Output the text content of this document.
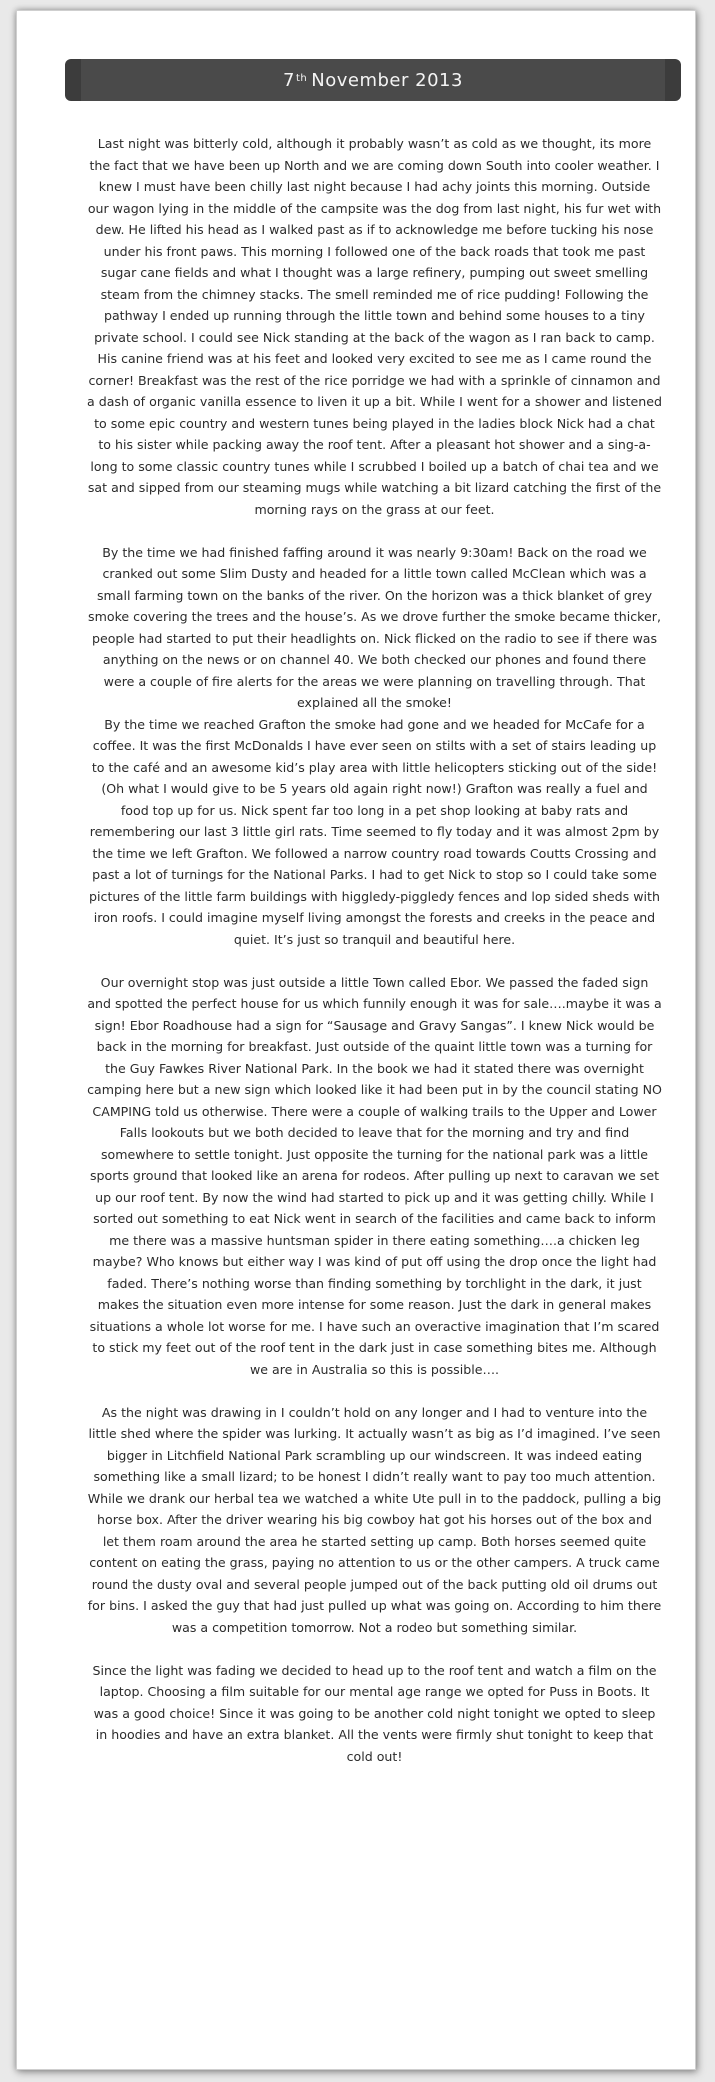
7th November 2013

Last night was bitterly cold, although it probably wasn’t as cold as we thought, its more the fact that we have been up North and we are coming down South into cooler weather. I knew I must have been chilly last night because I had achy joints this morning. Outside our wagon lying in the middle of the campsite was the dog from last night, his fur wet with dew. He lifted his head as I walked past as if to acknowledge me before tucking his nose under his front paws. This morning I followed one of the back roads that took me past sugar cane fields and what I thought was a large refinery, pumping out sweet smelling steam from the chimney stacks. The smell reminded me of rice pudding! Following the pathway I ended up running through the little town and behind some houses to a tiny private school. I could see Nick standing at the back of the wagon as I ran back to camp. His canine friend was at his feet and looked very excited to see me as I came round the corner! Breakfast was the rest of the rice porridge we had with a sprinkle of cinnamon and a dash of organic vanilla essence to liven it up a bit. While I went for a shower and listened to some epic country and western tunes being played in the ladies block Nick had a chat to his sister while packing away the roof tent. After a pleasant hot shower and a sing-a-long to some classic country tunes while I scrubbed I boiled up a batch of chai tea and we sat and sipped from our steaming mugs while watching a bit lizard catching the first of the morning rays on the grass at our feet.

By the time we had finished faffing around it was nearly 9:30am! Back on the road we cranked out some Slim Dusty and headed for a little town called McClean which was a small farming town on the banks of the river. On the horizon was a thick blanket of grey smoke covering the trees and the house’s. As we drove further the smoke became thicker, people had started to put their headlights on. Nick flicked on the radio to see if there was anything on the news or on channel 40. We both checked our phones and found there were a couple of fire alerts for the areas we were planning on travelling through. That explained all the smoke!

By the time we reached Grafton the smoke had gone and we headed for McCafe for a coffee. It was the first McDonalds I have ever seen on stilts with a set of stairs leading up to the café and an awesome kid’s play area with little helicopters sticking out of the side! (Oh what I would give to be 5 years old again right now!) Grafton was really a fuel and food top up for us. Nick spent far too long in a pet shop looking at baby rats and remembering our last 3 little girl rats. Time seemed to fly today and it was almost 2pm by the time we left Grafton. We followed a narrow country road towards Coutts Crossing and past a lot of turnings for the National Parks. I had to get Nick to stop so I could take some pictures of the little farm buildings with higgledy-piggledy fences and lop sided sheds with iron roofs. I could imagine myself living amongst the forests and creeks in the peace and quiet. It’s just so tranquil and beautiful here.

Our overnight stop was just outside a little Town called Ebor. We passed the faded sign and spotted the perfect house for us which funnily enough it was for sale….maybe it was a sign! Ebor Roadhouse had a sign for “Sausage and Gravy Sangas”. I knew Nick would be back in the morning for breakfast. Just outside of the quaint little town was a turning for the Guy Fawkes River National Park. In the book we had it stated there was overnight camping here but a new sign which looked like it had been put in by the council stating NO CAMPING told us otherwise. There were a couple of walking trails to the Upper and Lower Falls lookouts but we both decided to leave that for the morning and try and find somewhere to settle tonight. Just opposite the turning for the national park was a little sports ground that looked like an arena for rodeos. After pulling up next to caravan we set up our roof tent. By now the wind had started to pick up and it was getting chilly. While I sorted out something to eat Nick went in search of the facilities and came back to inform me there was a massive huntsman spider in there eating something….a chicken leg maybe? Who knows but either way I was kind of put off using the drop once the light had faded. There’s nothing worse than finding something by torchlight in the dark, it just makes the situation even more intense for some reason. Just the dark in general makes situations a whole lot worse for me. I have such an overactive imagination that I’m scared to stick my feet out of the roof tent in the dark just in case something bites me. Although we are in Australia so this is possible….

As the night was drawing in I couldn’t hold on any longer and I had to venture into the little shed where the spider was lurking. It actually wasn’t as big as I’d imagined. I’ve seen bigger in Litchfield National Park scrambling up our windscreen. It was indeed eating something like a small lizard; to be honest I didn’t really want to pay too much attention. While we drank our herbal tea we watched a white Ute pull in to the paddock, pulling a big horse box. After the driver wearing his big cowboy hat got his horses out of the box and let them roam around the area he started setting up camp. Both horses seemed quite content on eating the grass, paying no attention to us or the other campers. A truck came round the dusty oval and several people jumped out of the back putting old oil drums out for bins. I asked the guy that had just pulled up what was going on. According to him there was a competition tomorrow. Not a rodeo but something similar.

Since the light was fading we decided to head up to the roof tent and watch a film on the laptop. Choosing a film suitable for our mental age range we opted for Puss in Boots. It was a good choice! Since it was going to be another cold night tonight we opted to sleep in hoodies and have an extra blanket. All the vents were firmly shut tonight to keep that cold out!
